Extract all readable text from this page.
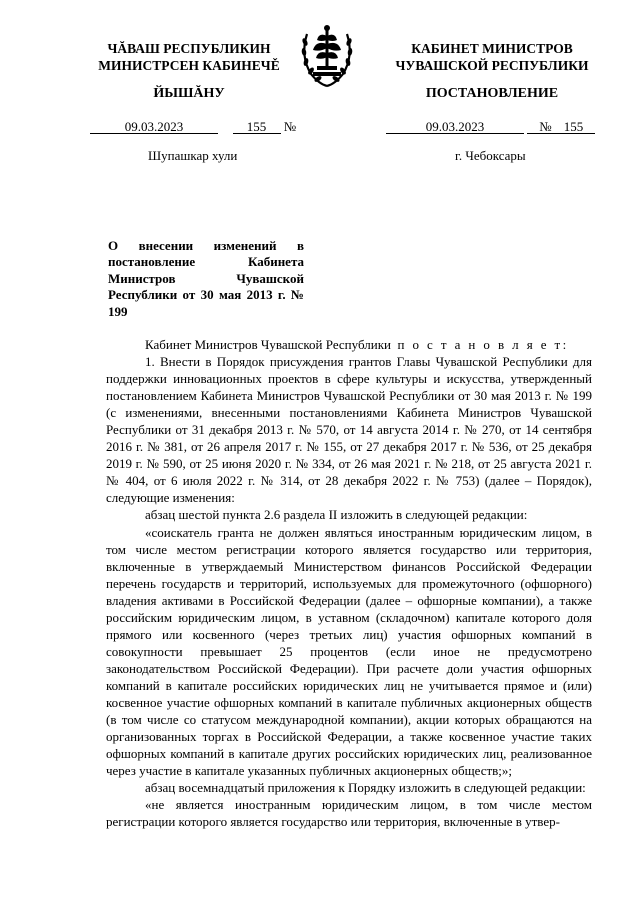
ЧĂВАШ РЕСПУБЛИКИН
МИНИСТРСЕН КАБИНЕЧĚ
КАБИНЕТ МИНИСТРОВ
ЧУВАШСКОЙ РЕСПУБЛИКИ
ЙЫШĂНУ	ПОСТАНОВЛЕНИЕ
09.03.2023	155 №	09.03.2023	№ 155
Шупашкар хули	г. Чебоксары
О внесении изменений в постановление Кабинета Министров Чувашской Республики от 30 мая 2013 г. № 199

Кабинет Министров Чувашской Республики п о с т а н о в л я е т:

1. Внести в Порядок присуждения грантов Главы Чувашской Республики для поддержки инновационных проектов в сфере культуры и искусства, утвержденный постановлением Кабинета Министров Чувашской Республики от 30 мая 2013 г. № 199 (с изменениями, внесенными постановлениями Кабинета Министров Чувашской Республики от 31 декабря 2013 г. № 570, от 14 августа 2014 г. № 270, от 14 сентября 2016 г. № 381, от 26 апреля 2017 г. № 155, от 27 декабря 2017 г. № 536, от 25 декабря 2019 г. № 590, от 25 июня 2020 г. № 334, от 26 мая 2021 г. № 218, от 25 августа 2021 г. № 404, от 6 июля 2022 г. № 314, от 28 декабря 2022 г. № 753) (далее – Порядок), следующие изменения:

абзац шестой пункта 2.6 раздела II изложить в следующей редакции:

«соискатель гранта не должен являться иностранным юридическим лицом, в том числе местом регистрации которого является государство или территория, включенные в утверждаемый Министерством финансов Российской Федерации перечень государств и территорий, используемых для промежуточного (офшорного) владения активами в Российской Федерации (далее – офшорные компании), а также российским юридическим лицом, в уставном (складочном) капитале которого доля прямого или косвенного (через третьих лиц) участия офшорных компаний в совокупности превышает 25 процентов (если иное не предусмотрено законодательством Российской Федерации). При расчете доли участия офшорных компаний в капитале российских юридических лиц не учитывается прямое и (или) косвенное участие офшорных компаний в капитале публичных акционерных обществ (в том числе со статусом международной компании), акции которых обращаются на организованных торгах в Российской Федерации, а также косвенное участие таких офшорных компаний в капитале других российских юридических лиц, реализованное через участие в капитале указанных публичных акционерных обществ;»;

абзац восемнадцатый приложения к Порядку изложить в следующей редакции:

«не является иностранным юридическим лицом, в том числе местом регистрации которого является государство или территория, включенные в утвер-
